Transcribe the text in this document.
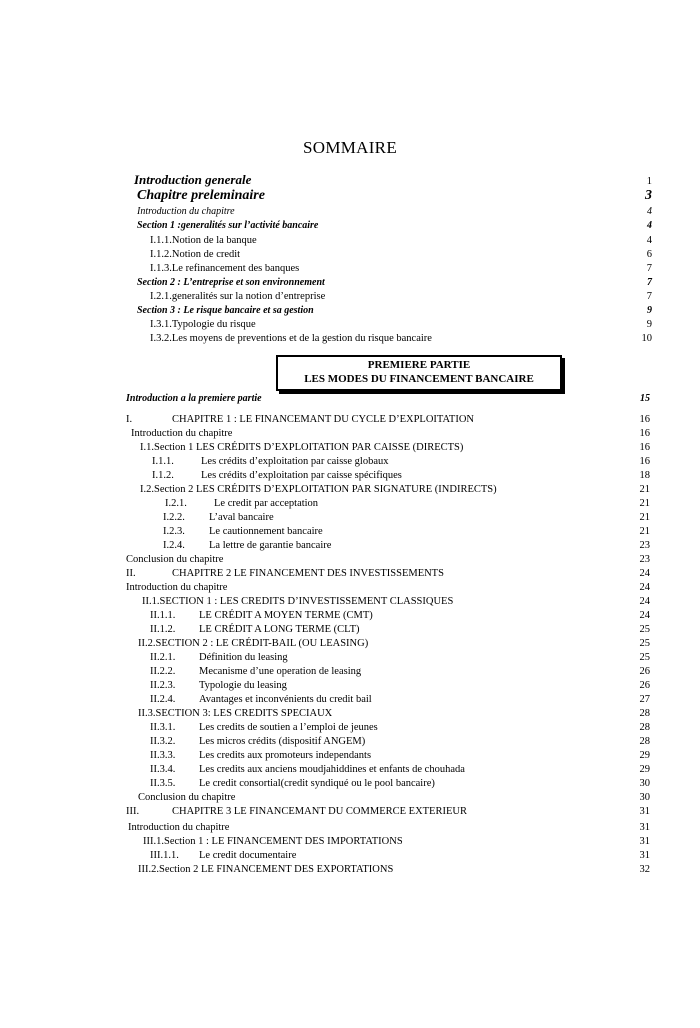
SOMMAIRE
Introduction generale	1
Chapitre preleminaire	3
Introduction du chapitre	4
Section 1 :generalités sur l’activité bancaire	4
I.1.1.Notion de la banque	4
I.1.2.Notion de credit	6
I.1.3.Le refinancement des banques	7
Section 2 : L’entreprise et son environnement	7
I.2.1.generalités sur la notion d’entreprise	7
Section 3 : Le risque bancaire et sa gestion	9
I.3.1.Typologie du risque	9
I.3.2.Les moyens de preventions et de la gestion du risque bancaire	10
PREMIERE PARTIE
LES MODES DU FINANCEMENT BANCAIRE
Introduction a la premiere partie	15
I.	CHAPITRE 1 : LE FINANCEMANT DU CYCLE D’EXPLOITATION	16
Introduction du chapitre	16
I.1.Section 1 LES CRÉDITS D’EXPLOITATION PAR CAISSE (DIRECTS)	16
I.1.1.	Les crédits d’exploitation par caisse globaux	16
I.1.2.	Les crédits d’exploitation par caisse spécifiques	18
I.2.Section 2 LES CRÉDITS D’EXPLOITATION PAR SIGNATURE (INDIRECTS)	21
I.2.1.	Le credit par acceptation	21
I.2.2. L’aval bancaire	21
I.2.3. Le cautionnement bancaire	21
I.2.4. La lettre de garantie bancaire	23
Conclusion du chapitre	23
II.	CHAPITRE 2 LE FINANCEMENT DES INVESTISSEMENTS	24
Introduction du chapitre	24
II.1.SECTION 1 : LES CREDITS D’INVESTISSEMENT CLASSIQUES	24
II.1.1. LE CRÉDIT A MOYEN TERME (CMT)	24
II.1.2. LE CRÉDIT A LONG TERME (CLT)	25
II.2.SECTION 2 : LE CRÉDIT-BAIL (OU LEASING)	25
II.2.1. Définition du leasing	25
II.2.2. Mecanisme d’une operation de leasing	26
II.2.3. Typologie du leasing	26
II.2.4. Avantages et inconvénients du credit bail	27
II.3.SECTION 3: LES CREDITS SPECIAUX	28
II.3.1. Les credits de soutien a l’emploi de jeunes	28
II.3.2. Les micros crédits (dispositif ANGEM)	28
II.3.3. Les credits aux promoteurs independants	29
II.3.4. Les credits aux anciens moudjahiddines et enfants de chouhada	29
II.3.5. Le credit consortial(credit syndiqué ou le pool bancaire)	30
Conclusion du chapitre	30
III.	CHAPITRE 3 LE FINANCEMANT DU COMMERCE EXTERIEUR	31
Introduction du chapitre	31
III.1.Section 1 : LE FINANCEMENT DES IMPORTATIONS	31
III.1.1. Le credit documentaire	31
III.2.Section 2 LE FINANCEMENT DES EXPORTATIONS	32
